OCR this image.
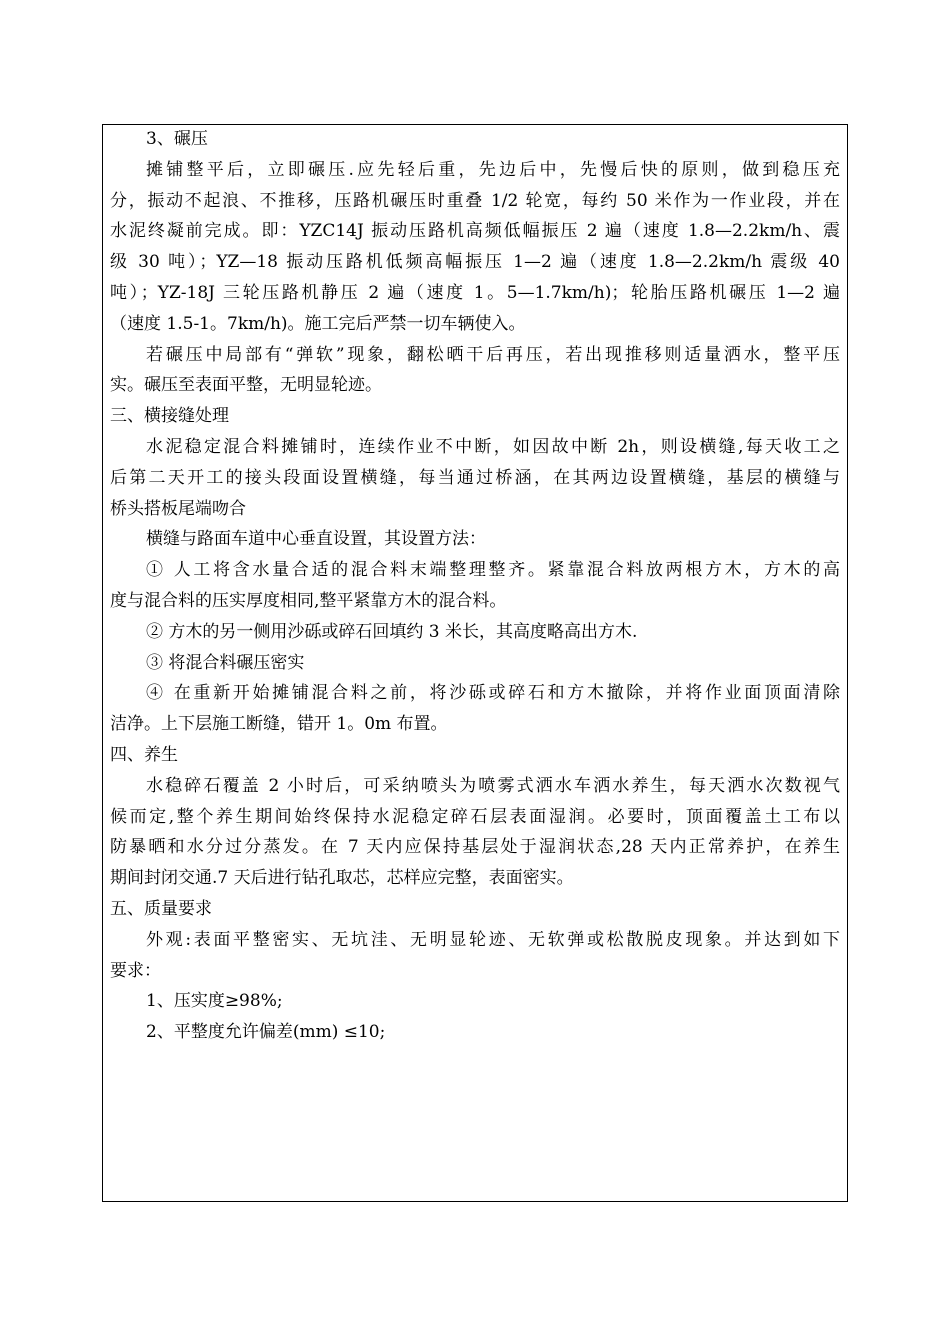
3、碾压

摊铺整平后，立即碾压.应先轻后重，先边后中，先慢后快的原则，做到稳压充

分，振动不起浪、不推移，压路机碾压时重叠 1/2 轮宽，每约 50 米作为一作业段，并在

水泥终凝前完成。即：YZC14J 振动压路机高频低幅振压 2 遍（速度 1.8—2.2km/h、震

级 30 吨）；YZ—18 振动压路机低频高幅振压 1—2 遍（速度 1.8—2.2km/h 震级 40

吨）；YZ-18J 三轮压路机静压 2 遍（速度 1。5—1.7km/h)；轮胎压路机碾压 1—2 遍

（速度 1.5-1。7km/h)。施工完后严禁一切车辆使入。

若碾压中局部有“弹软”现象，翻松晒干后再压，若出现推移则适量洒水，整平压

实。碾压至表面平整，无明显轮迹。

三、横接缝处理

水泥稳定混合料摊铺时，连续作业不中断，如因故中断 2h，则设横缝,每天收工之

后第二天开工的接头段面设置横缝，每当通过桥涵，在其两边设置横缝，基层的横缝与

桥头搭板尾端吻合

横缝与路面车道中心垂直设置，其设置方法：

① 人工将含水量合适的混合料末端整理整齐。紧靠混合料放两根方木，方木的高

度与混合料的压实厚度相同,整平紧靠方木的混合料。

② 方木的另一侧用沙砾或碎石回填约 3 米长，其高度略高出方木.

③ 将混合料碾压密实

④ 在重新开始摊铺混合料之前，将沙砾或碎石和方木撤除，并将作业面顶面清除

洁净。上下层施工断缝，错开 1。0m 布置。

四、养生

水稳碎石覆盖 2 小时后，可采纳喷头为喷雾式洒水车洒水养生，每天洒水次数视气

候而定,整个养生期间始终保持水泥稳定碎石层表面湿润。必要时，顶面覆盖土工布以

防暴晒和水分过分蒸发。在 7 天内应保持基层处于湿润状态,28 天内正常养护，在养生

期间封闭交通.7 天后进行钻孔取芯，芯样应完整，表面密实。

五、质量要求

外观:表面平整密实、无坑洼、无明显轮迹、无软弹或松散脱皮现象。并达到如下

要求：

1、压实度≥98%;

2、平整度允许偏差(mm) ≤10;
